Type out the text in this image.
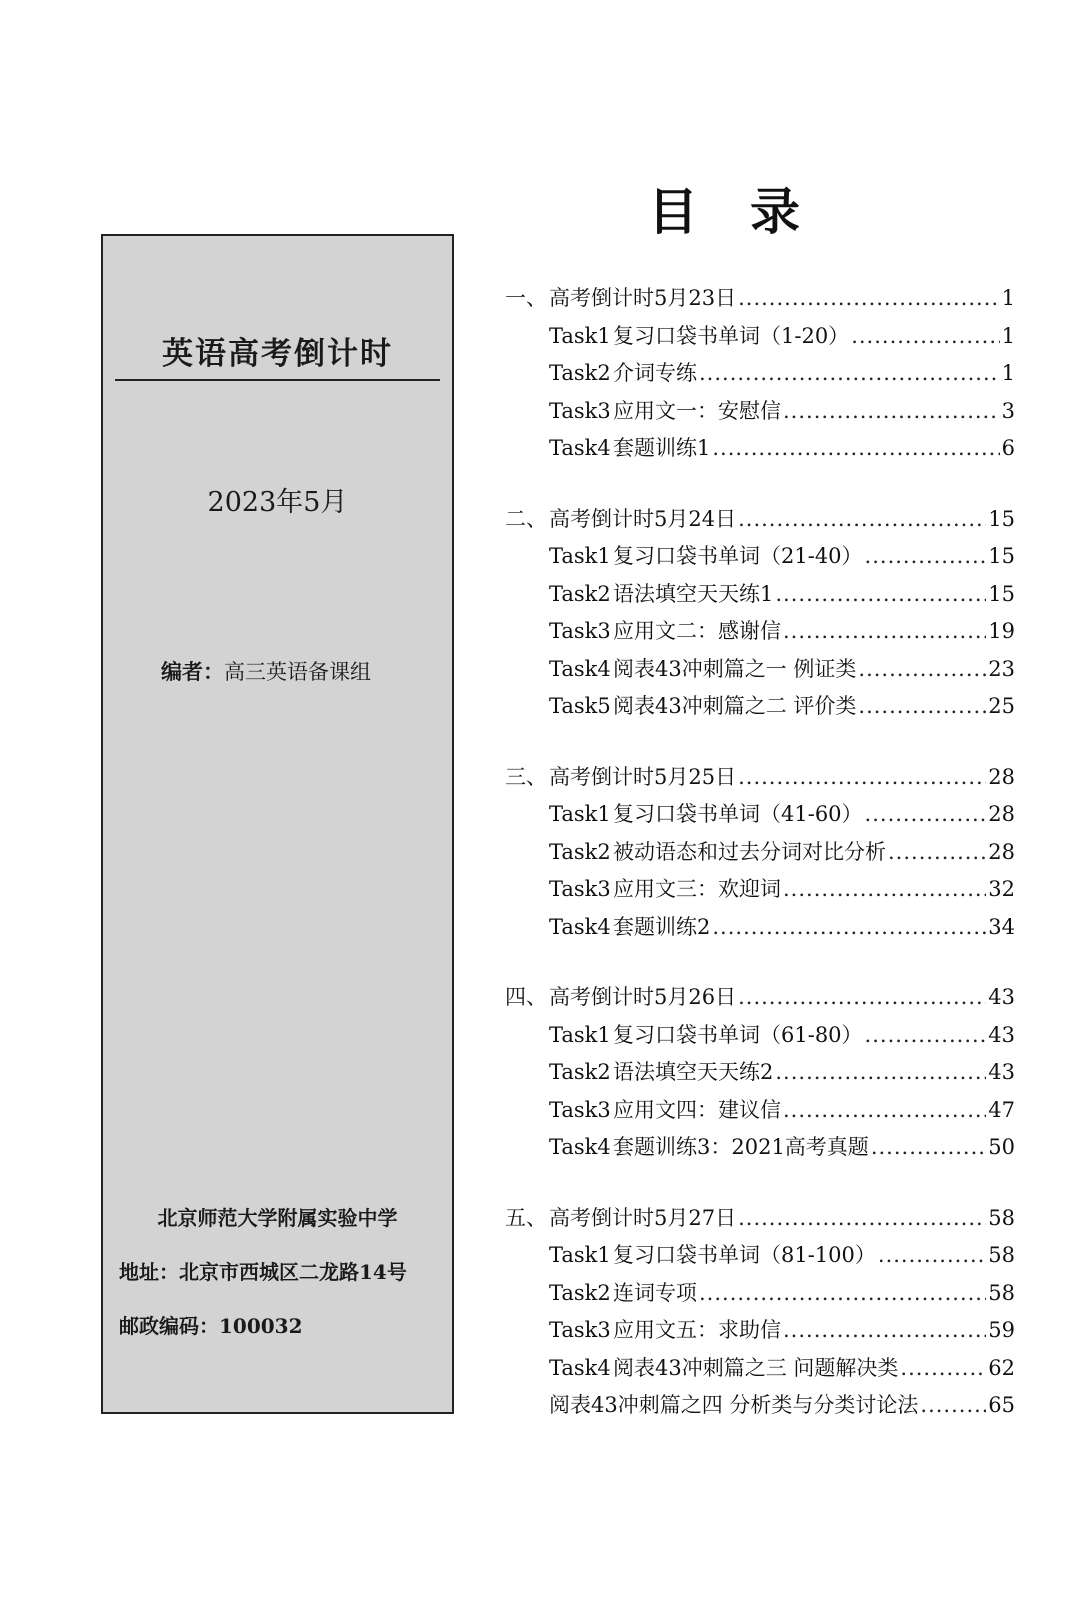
英语高考倒计时
2023年5月
编者：高三英语备课组
北京师范大学附属实验中学
地址：北京市西城区二龙路14号
邮政编码：100032
目录
一、 高考倒计时5月23日 .....	1
Task1 复习口袋书单词（1-20） .....	1
Task2 介词专练 .....	1
Task3 应用文一：安慰信 .....	3
Task4 套题训练1 .....	6
二、 高考倒计时5月24日 .....	15
Task1 复习口袋书单词（21-40） .....	15
Task2 语法填空天天练1 .....	15
Task3 应用文二：感谢信 .....	19
Task4 阅表43冲刺篇之一 例证类 .....	23
Task5 阅表43冲刺篇之二 评价类 .....	25
三、 高考倒计时5月25日 .....	28
Task1 复习口袋书单词（41-60） .....	28
Task2 被动语态和过去分词对比分析 .....	28
Task3 应用文三：欢迎词 .....	32
Task4 套题训练2 .....	34
四、 高考倒计时5月26日 .....	43
Task1 复习口袋书单词（61-80） .....	43
Task2 语法填空天天练2 .....	43
Task3 应用文四：建议信 .....	47
Task4 套题训练3：2021高考真题 .....	50
五、 高考倒计时5月27日 .....	58
Task1 复习口袋书单词（81-100） .....	58
Task2 连词专项 .....	58
Task3 应用文五：求助信 .....	59
Task4 阅表43冲刺篇之三 问题解决类 .....	62
阅表43冲刺篇之四 分析类与分类讨论法 .....	65
